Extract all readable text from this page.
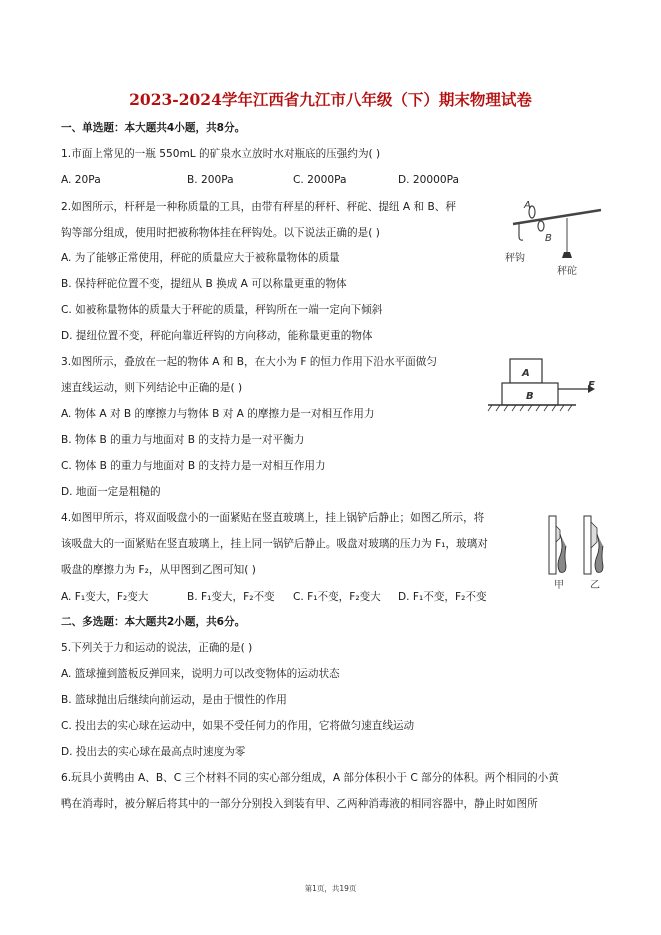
2023-2024学年江西省九江市八年级（下）期末物理试卷
一、单选题：本大题共4小题，共8分。
1.市面上常见的一瓶 550mL 的矿泉水立放时水对瓶底的压强约为( )
A. 20Pa	B. 200Pa	C. 2000Pa	D. 20000Pa
2.如图所示，杆秤是一种称质量的工具，由带有秤星的秤杆、秤砣、提纽 A 和 B、秤
钩等部分组成，使用时把被称物体挂在秤钩处。以下说法正确的是( )
A. 为了能够正常使用，秤砣的质量应大于被称量物体的质量
B. 保持秤砣位置不变，提纽从 B 换成 A 可以称量更重的物体
C. 如被称量物体的质量大于秤砣的质量，秤钩所在一端一定向下倾斜
D. 提纽位置不变，秤砣向靠近秤钩的方向移动，能称量更重的物体
A
B
秤钩
秤砣
3.如图所示，叠放在一起的物体 A 和 B，在大小为 F 的恒力作用下沿水平面做匀
速直线运动，则下列结论中正确的是( )
A. 物体 A 对 B 的摩擦力与物体 B 对 A 的摩擦力是一对相互作用力
B. 物体 B 的重力与地面对 B 的支持力是一对平衡力
C. 物体 B 的重力与地面对 B 的支持力是一对相互作用力
D. 地面一定是粗糙的
A
B
F
4.如图甲所示，将双面吸盘小的一面紧贴在竖直玻璃上，挂上锅铲后静止；如图乙所示，将
该吸盘大的一面紧贴在竖直玻璃上，挂上同一锅铲后静止。吸盘对玻璃的压力为 F₁，玻璃对
吸盘的摩擦力为 F₂，从甲图到乙图可知( )
A. F₁变大，F₂变大	B. F₁变大，F₂不变 C. F₁不变，F₂变大 D. F₁不变，F₂不变
甲	乙
二、多选题：本大题共2小题，共6分。
5.下列关于力和运动的说法，正确的是( )
A. 篮球撞到篮板反弹回来，说明力可以改变物体的运动状态
B. 篮球抛出后继续向前运动，是由于惯性的作用
C. 投出去的实心球在运动中，如果不受任何力的作用，它将做匀速直线运动
D. 投出去的实心球在最高点时速度为零
6.玩具小黄鸭由 A、B、C 三个材料不同的实心部分组成，A 部分体积小于 C 部分的体积。两个相同的小黄
鸭在消毒时，被分解后将其中的一部分分别投入到装有甲、乙两种消毒液的相同容器中，静止时如图所
第1页，共19页
